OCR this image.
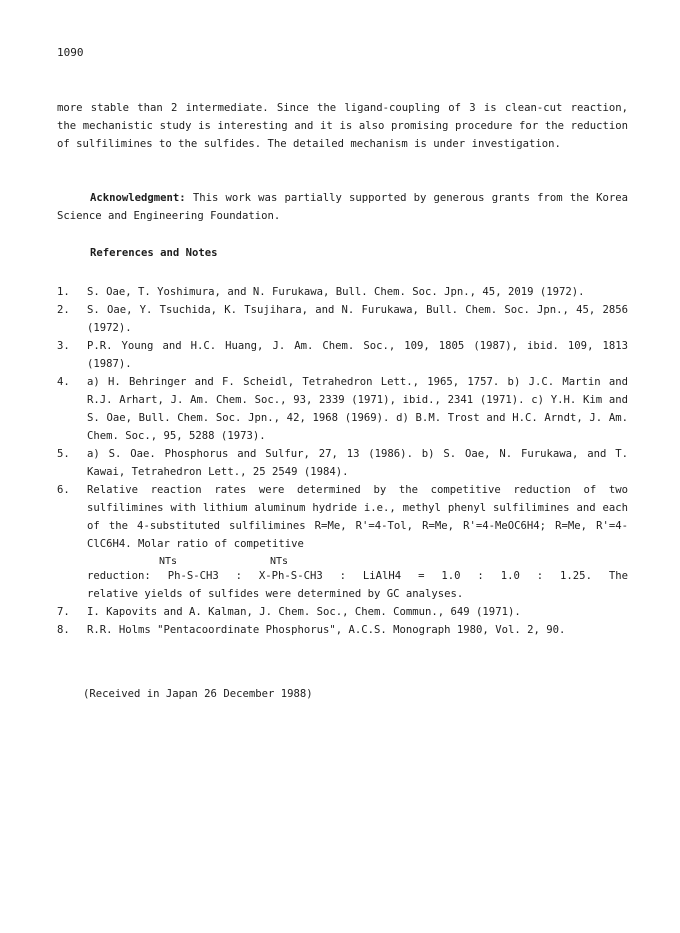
1090

more stable than 2 intermediate. Since the ligand-coupling of 3 is clean-cut reaction, the mechanistic study is interesting and it is also promising procedure for the reduction of sulfilimines to the sulfides. The detailed mechanism is under investigation.

Acknowledgment: This work was partially supported by generous grants from the Korea Science and Engineering Foundation.

References and Notes
1.	S. Oae, T. Yoshimura, and N. Furukawa, Bull. Chem. Soc. Jpn., 45, 2019 (1972).
2.	S. Oae, Y. Tsuchida, K. Tsujihara, and N. Furukawa, Bull. Chem. Soc. Jpn., 45, 2856 (1972).
3.	P.R. Young and H.C. Huang, J. Am. Chem. Soc., 109, 1805 (1987), ibid. 109, 1813 (1987).
4.	a) H. Behringer and F. Scheidl, Tetrahedron Lett., 1965, 1757. b) J.C. Martin and R.J. Arhart, J. Am. Chem. Soc., 93, 2339 (1971), ibid., 2341 (1971). c) Y.H. Kim and S. Oae, Bull. Chem. Soc. Jpn., 42, 1968 (1969). d) B.M. Trost and H.C. Arndt, J. Am. Chem. Soc., 95, 5288 (1973).
5.	a) S. Oae. Phosphorus and Sulfur, 27, 13 (1986). b) S. Oae, N. Furukawa, and T. Kawai, Tetrahedron Lett., 25 2549 (1984).
6.	Relative reaction rates were determined by the competitive reduction of two sulfilimines with lithium aluminum hydride i.e., methyl phenyl sulfilimines and each of the 4-substituted sulfilimines R=Me, R'=4-Tol, R=Me, R'=4-MeOC6H4; R=Me, R'=4-ClC6H4. Molar ratio of competitive
NTs	NTs
reduction: Ph-S-CH3 : X-Ph-S-CH3 : LiAlH4 = 1.0 : 1.0 : 1.25. The
relative yields of sulfides were determined by GC analyses.
7.	I. Kapovits and A. Kalman, J. Chem. Soc., Chem. Commun., 649 (1971).
8.	R.R. Holms "Pentacoordinate Phosphorus", A.C.S. Monograph 1980, Vol. 2, 90.
(Received in Japan 26 December 1988)
